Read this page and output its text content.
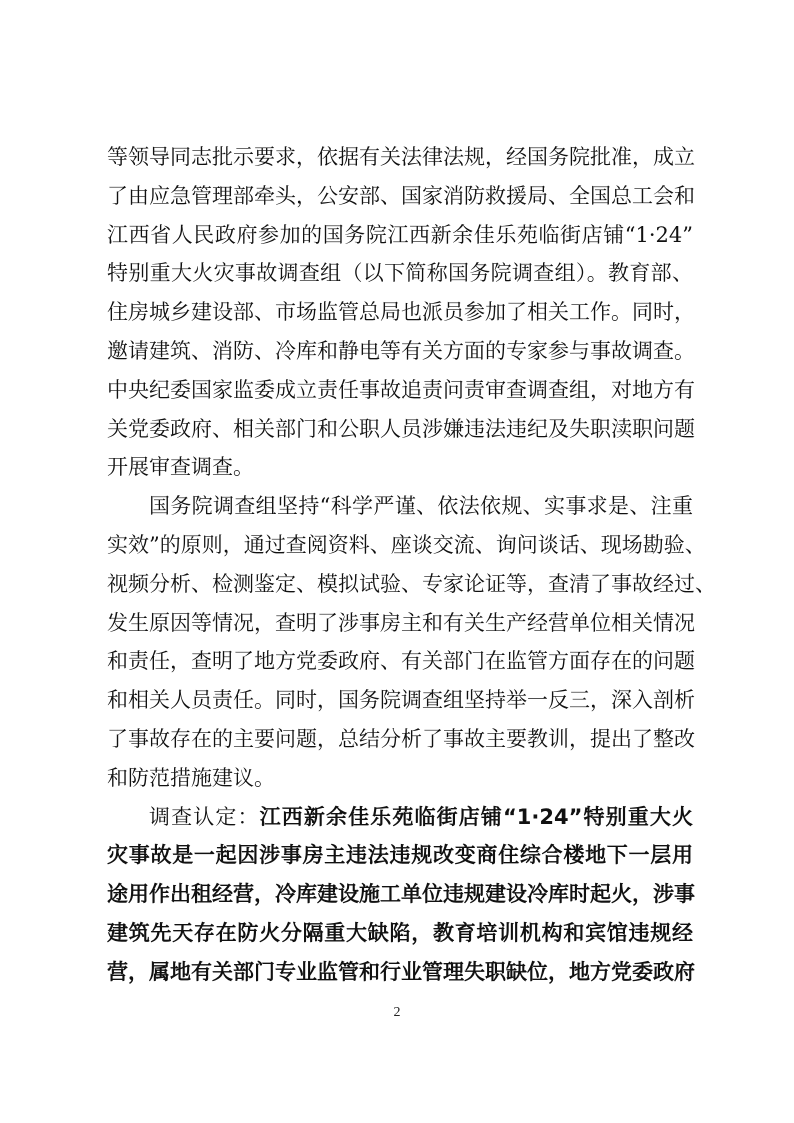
等领导同志批示要求，依据有关法律法规，经国务院批准，成立
了由应急管理部牵头，公安部、国家消防救援局、全国总工会和
江西省人民政府参加的国务院江西新余佳乐苑临街店铺“1·24”
特别重大火灾事故调查组（以下简称国务院调查组）。教育部、
住房城乡建设部、市场监管总局也派员参加了相关工作。同时，
邀请建筑、消防、冷库和静电等有关方面的专家参与事故调查。
中央纪委国家监委成立责任事故追责问责审查调查组，对地方有
关党委政府、相关部门和公职人员涉嫌违法违纪及失职渎职问题
开展审查调查。
国务院调查组坚持“科学严谨、依法依规、实事求是、注重
实效”的原则，通过查阅资料、座谈交流、询问谈话、现场勘验、
视频分析、检测鉴定、模拟试验、专家论证等，查清了事故经过、
发生原因等情况，查明了涉事房主和有关生产经营单位相关情况
和责任，查明了地方党委政府、有关部门在监管方面存在的问题
和相关人员责任。同时，国务院调查组坚持举一反三，深入剖析
了事故存在的主要问题，总结分析了事故主要教训，提出了整改
和防范措施建议。
调查认定：江西新余佳乐苑临街店铺“1·24”特别重大火
灾事故是一起因涉事房主违法违规改变商住综合楼地下一层用
途用作出租经营，冷库建设施工单位违规建设冷库时起火，涉事
建筑先天存在防火分隔重大缺陷，教育培训机构和宾馆违规经
营，属地有关部门专业监管和行业管理失职缺位，地方党委政府
2
